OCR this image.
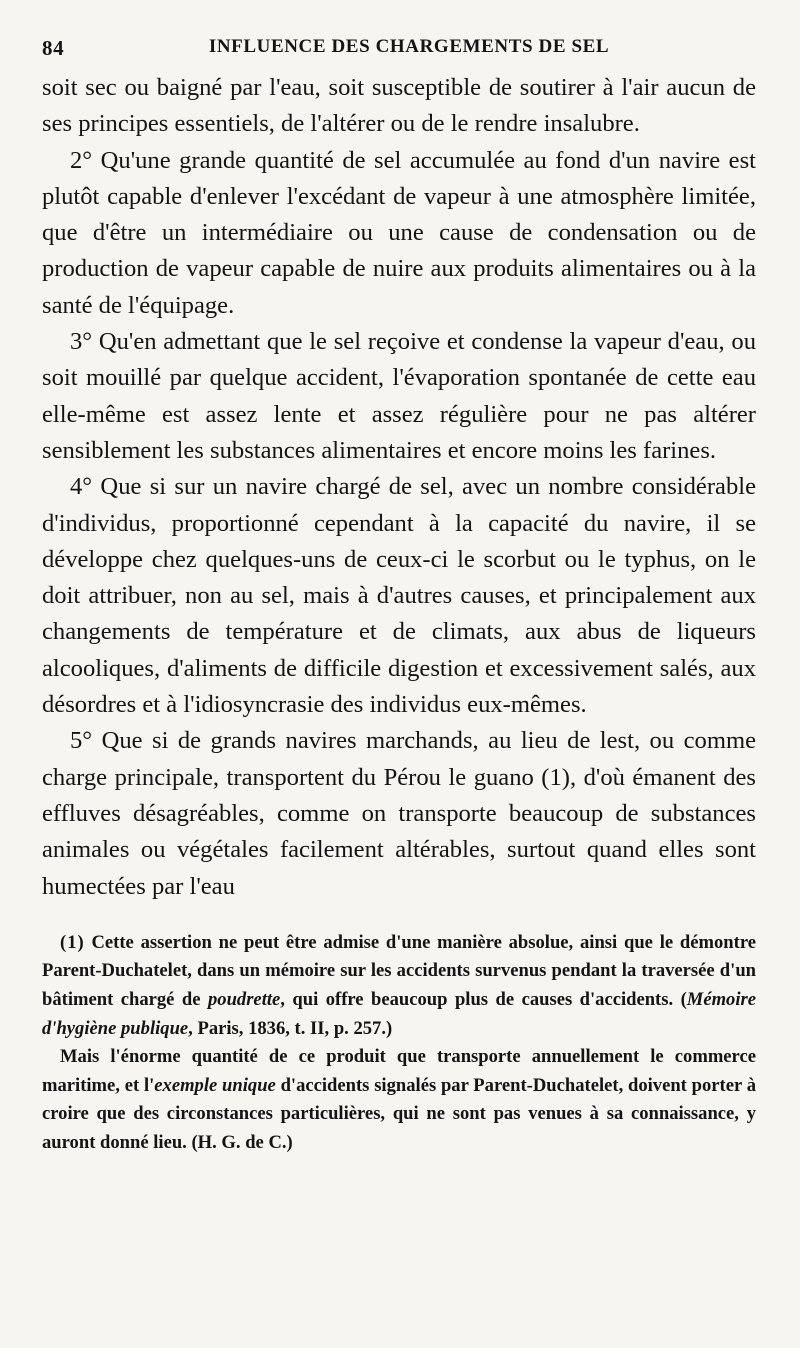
84	INFLUENCE DES CHARGEMENTS DE SEL

soit sec ou baigné par l'eau, soit susceptible de soutirer à l'air aucun de ses principes essentiels, de l'altérer ou de le rendre insalubre.

2° Qu'une grande quantité de sel accumulée au fond d'un navire est plutôt capable d'enlever l'excédant de vapeur à une atmosphère limitée, que d'être un intermédiaire ou une cause de condensation ou de production de vapeur capable de nuire aux produits alimentaires ou à la santé de l'équipage.

3° Qu'en admettant que le sel reçoive et condense la vapeur d'eau, ou soit mouillé par quelque accident, l'évaporation spontanée de cette eau elle-même est assez lente et assez régulière pour ne pas altérer sensiblement les substances alimentaires et encore moins les farines.

4° Que si sur un navire chargé de sel, avec un nombre considérable d'individus, proportionné cependant à la capacité du navire, il se développe chez quelques-uns de ceux-ci le scorbut ou le typhus, on le doit attribuer, non au sel, mais à d'autres causes, et principalement aux changements de température et de climats, aux abus de liqueurs alcooliques, d'aliments de difficile digestion et excessivement salés, aux désordres et à l'idiosyncrasie des individus eux-mêmes.

5° Que si de grands navires marchands, au lieu de lest, ou comme charge principale, transportent du Pérou le guano (1), d'où émanent des effluves désagréables, comme on transporte beaucoup de substances animales ou végétales facilement altérables, surtout quand elles sont humectées par l'eau

(1) Cette assertion ne peut être admise d'une manière absolue, ainsi que le démontre Parent-Duchatelet, dans un mémoire sur les accidents survenus pendant la traversée d'un bâtiment chargé de poudrette, qui offre beaucoup plus de causes d'accidents. (Mémoire d'hygiène publique, Paris, 1836, t. II, p. 257.)

Mais l'énorme quantité de ce produit que transporte annuellement le commerce maritime, et l'exemple unique d'accidents signalés par Parent-Duchatelet, doivent porter à croire que des circonstances particulières, qui ne sont pas venues à sa connaissance, y auront donné lieu. (H. G. de C.)
